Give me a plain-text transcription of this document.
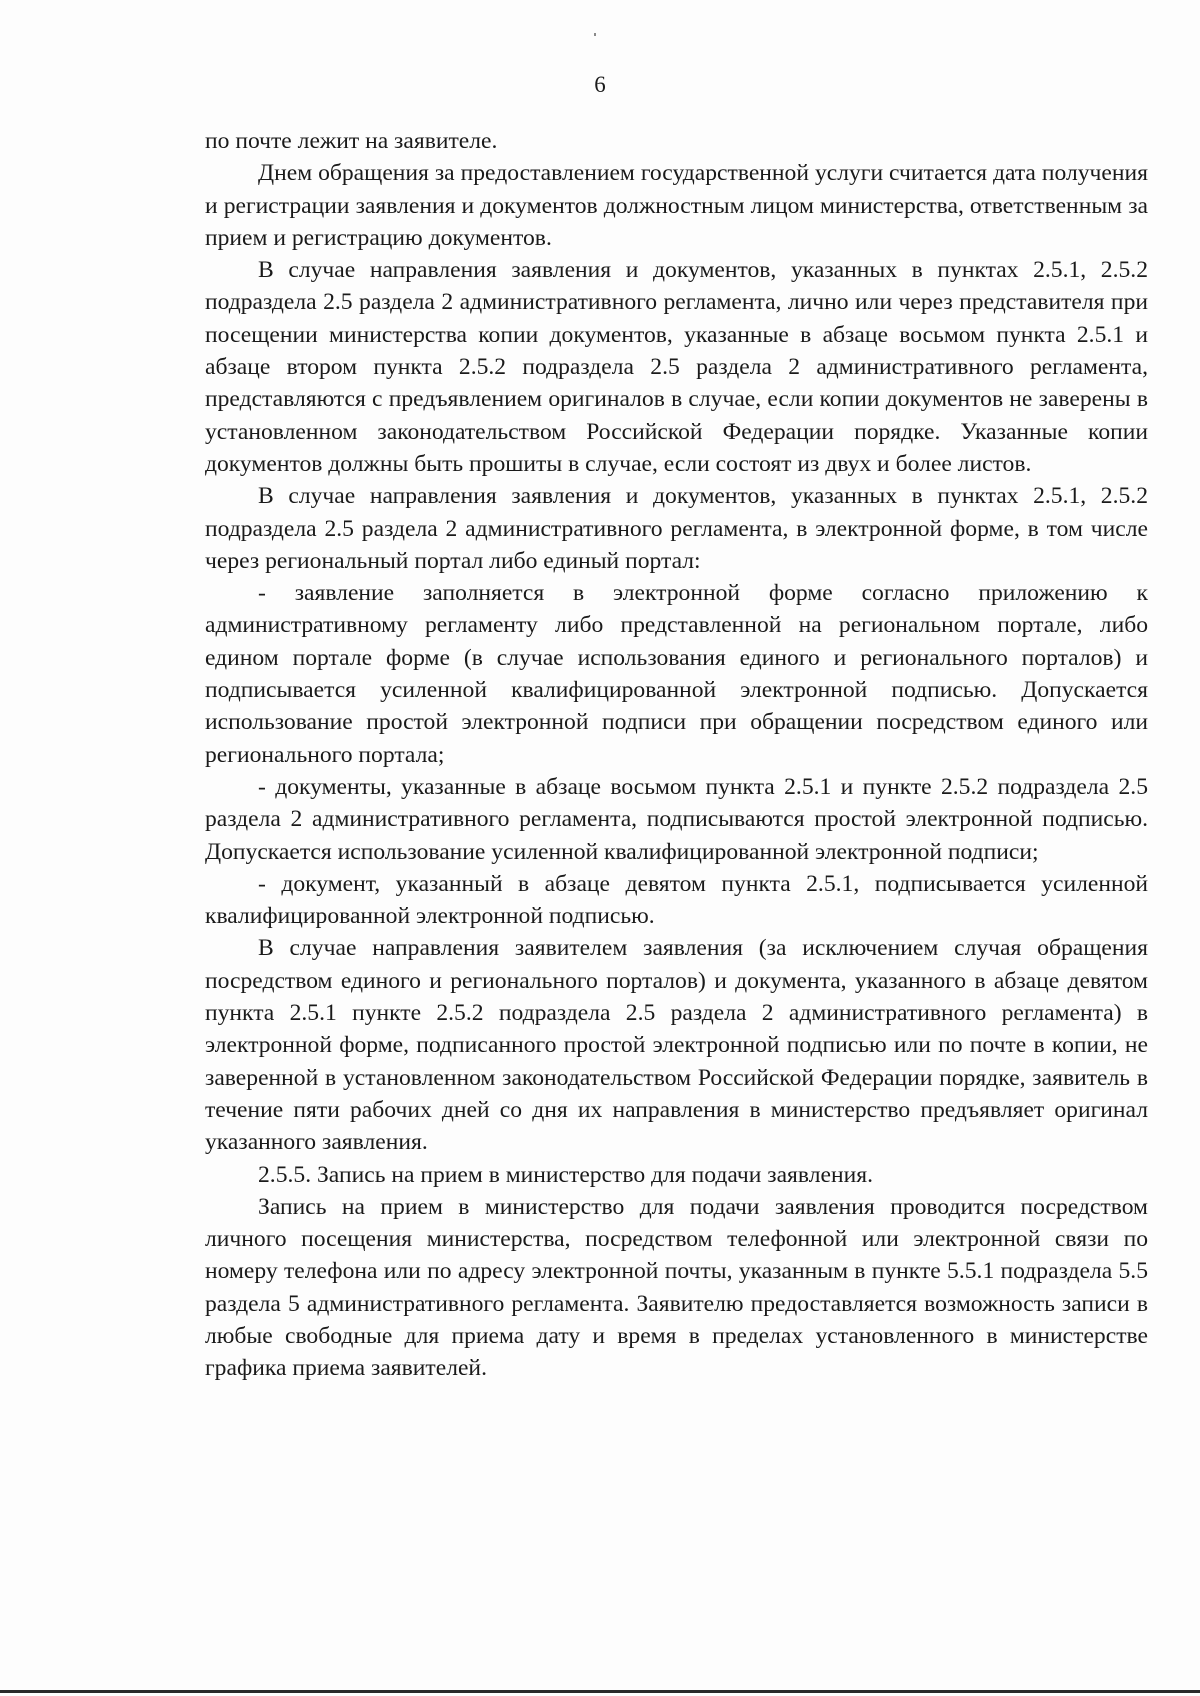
6

по почте лежит на заявителе.

Днем обращения за предоставлением государственной услуги считается дата получения и регистрации заявления и документов должностным лицом министерства, ответственным за прием и регистрацию документов.

В случае направления заявления и документов, указанных в пунктах 2.5.1, 2.5.2 подраздела 2.5 раздела 2 административного регламента, лично или через представителя при посещении министерства копии документов, указанные в абзаце восьмом пункта 2.5.1 и абзаце втором пункта 2.5.2 подраздела 2.5 раздела 2 административного регламента, представляются с предъявлением оригиналов в случае, если копии документов не заверены в установленном законодательством Российской Федерации порядке. Указанные копии документов должны быть прошиты в случае, если состоят из двух и более листов.

В случае направления заявления и документов, указанных в пунктах 2.5.1, 2.5.2 подраздела 2.5 раздела 2 административного регламента, в электронной форме, в том числе через региональный портал либо единый портал:

- заявление заполняется в электронной форме согласно приложению к административному регламенту либо представленной на региональном портале, либо едином портале форме (в случае использования единого и регионального порталов) и подписывается усиленной квалифицированной электронной подписью. Допускается использование простой электронной подписи при обращении посредством единого или регионального портала;

- документы, указанные в абзаце восьмом пункта 2.5.1 и пункте 2.5.2 подраздела 2.5 раздела 2 административного регламента, подписываются простой электронной подписью. Допускается использование усиленной квалифицированной электронной подписи;

- документ, указанный в абзаце девятом пункта 2.5.1, подписывается усиленной квалифицированной электронной подписью.

В случае направления заявителем заявления (за исключением случая обращения посредством единого и регионального порталов) и документа, указанного в абзаце девятом пункта 2.5.1 пункте 2.5.2 подраздела 2.5 раздела 2 административного регламента) в электронной форме, подписанного простой электронной подписью или по почте в копии, не заверенной в установленном законодательством Российской Федерации порядке, заявитель в течение пяти рабочих дней со дня их направления в министерство предъявляет оригинал указанного заявления.

2.5.5. Запись на прием в министерство для подачи заявления.

Запись на прием в министерство для подачи заявления проводится посредством личного посещения министерства, посредством телефонной или электронной связи по номеру телефона или по адресу электронной почты, указанным в пункте 5.5.1 подраздела 5.5 раздела 5 административного регламента. Заявителю предоставляется возможность записи в любые свободные для приема дату и время в пределах установленного в министерстве графика приема заявителей.
